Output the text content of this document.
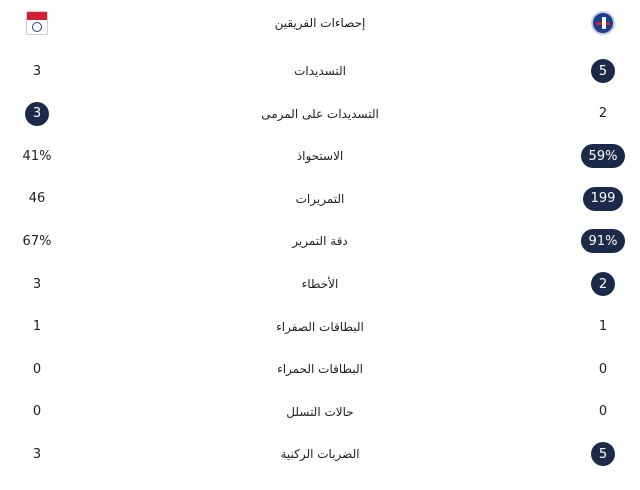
إحصاءات الفريقين
3	التسديدات	5
3	التسديدات على المرمى	2
41%	الاستحواذ	59%
46	التمريرات	199
67%	دقة التمرير	91%
3	الأخطاء	2
1	البطاقات الصفراء	1
0	البطاقات الحمراء	0
0	حالات التسلل	0
3	الضربات الركنية	5
